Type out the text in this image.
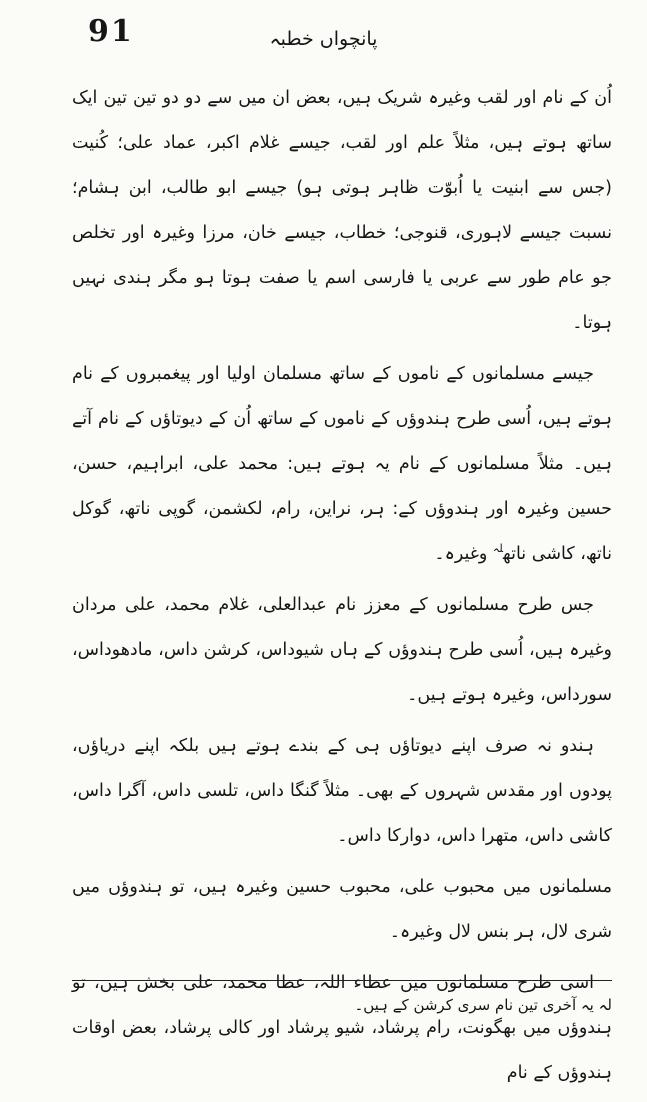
91	پانچواں خطبہ

اُن کے نام اور لقب وغیرہ شریک ہیں، بعض ان میں سے دو دو تین تین ایک ساتھ ہوتے ہیں، مثلاً علم اور لقب، جیسے غلام اکبر، عماد علی؛ کُنیت (جس سے ابنیت یا اُبوّت ظاہر ہوتی ہو) جیسے ابو طالب، ابن ہشام؛ نسبت جیسے لاہوری، قنوجی؛ خطاب، جیسے خان، مرزا وغیرہ اور تخلص جو عام طور سے عربی یا فارسی اسم یا صفت ہوتا ہو مگر ہندی نہیں ہوتا۔

جیسے مسلمانوں کے ناموں کے ساتھ مسلمان اولیا اور پیغمبروں کے نام ہوتے ہیں، اُسی طرح ہندوؤں کے ناموں کے ساتھ اُن کے دیوتاؤں کے نام آتے ہیں۔ مثلاً مسلمانوں کے نام یہ ہوتے ہیں: محمد علی، ابراہیم، حسن، حسین وغیرہ اور ہندوؤں کے: ہر، نراین، رام، لکشمن، گوپی ناتھ، گوکل ناتھ، کاشی ناتھ$^{لہ}$ وغیرہ۔

جس طرح مسلمانوں کے معزز نام عبدالعلی، غلام محمد، علی مردان وغیرہ ہیں، اُسی طرح ہندوؤں کے ہاں شیوداس، کرشن داس، مادھوداس، سورداس، وغیرہ ہوتے ہیں۔

ہندو نہ صرف اپنے دیوتاؤں ہی کے بندے ہوتے ہیں بلکہ اپنے دریاؤں، پودوں اور مقدس شہروں کے بھی۔ مثلاً گنگا داس، تلسی داس، آگرا داس، کاشی داس، متھرا داس، دوارکا داس۔

مسلمانوں میں محبوب علی، محبوب حسین وغیرہ ہیں، تو ہندوؤں میں شری لال، ہر بنس لال وغیرہ۔

اسی طرح مسلمانوں میں عطاء اللہ، عطا محمد، علی بخش ہیں، تو ہندوؤں میں بھگونت، رام پرشاد، شیو پرشاد اور کالی پرشاد، بعض اوقات ہندوؤں کے نام

لہ یہ آخری تین نام سری کرشن کے ہیں۔
